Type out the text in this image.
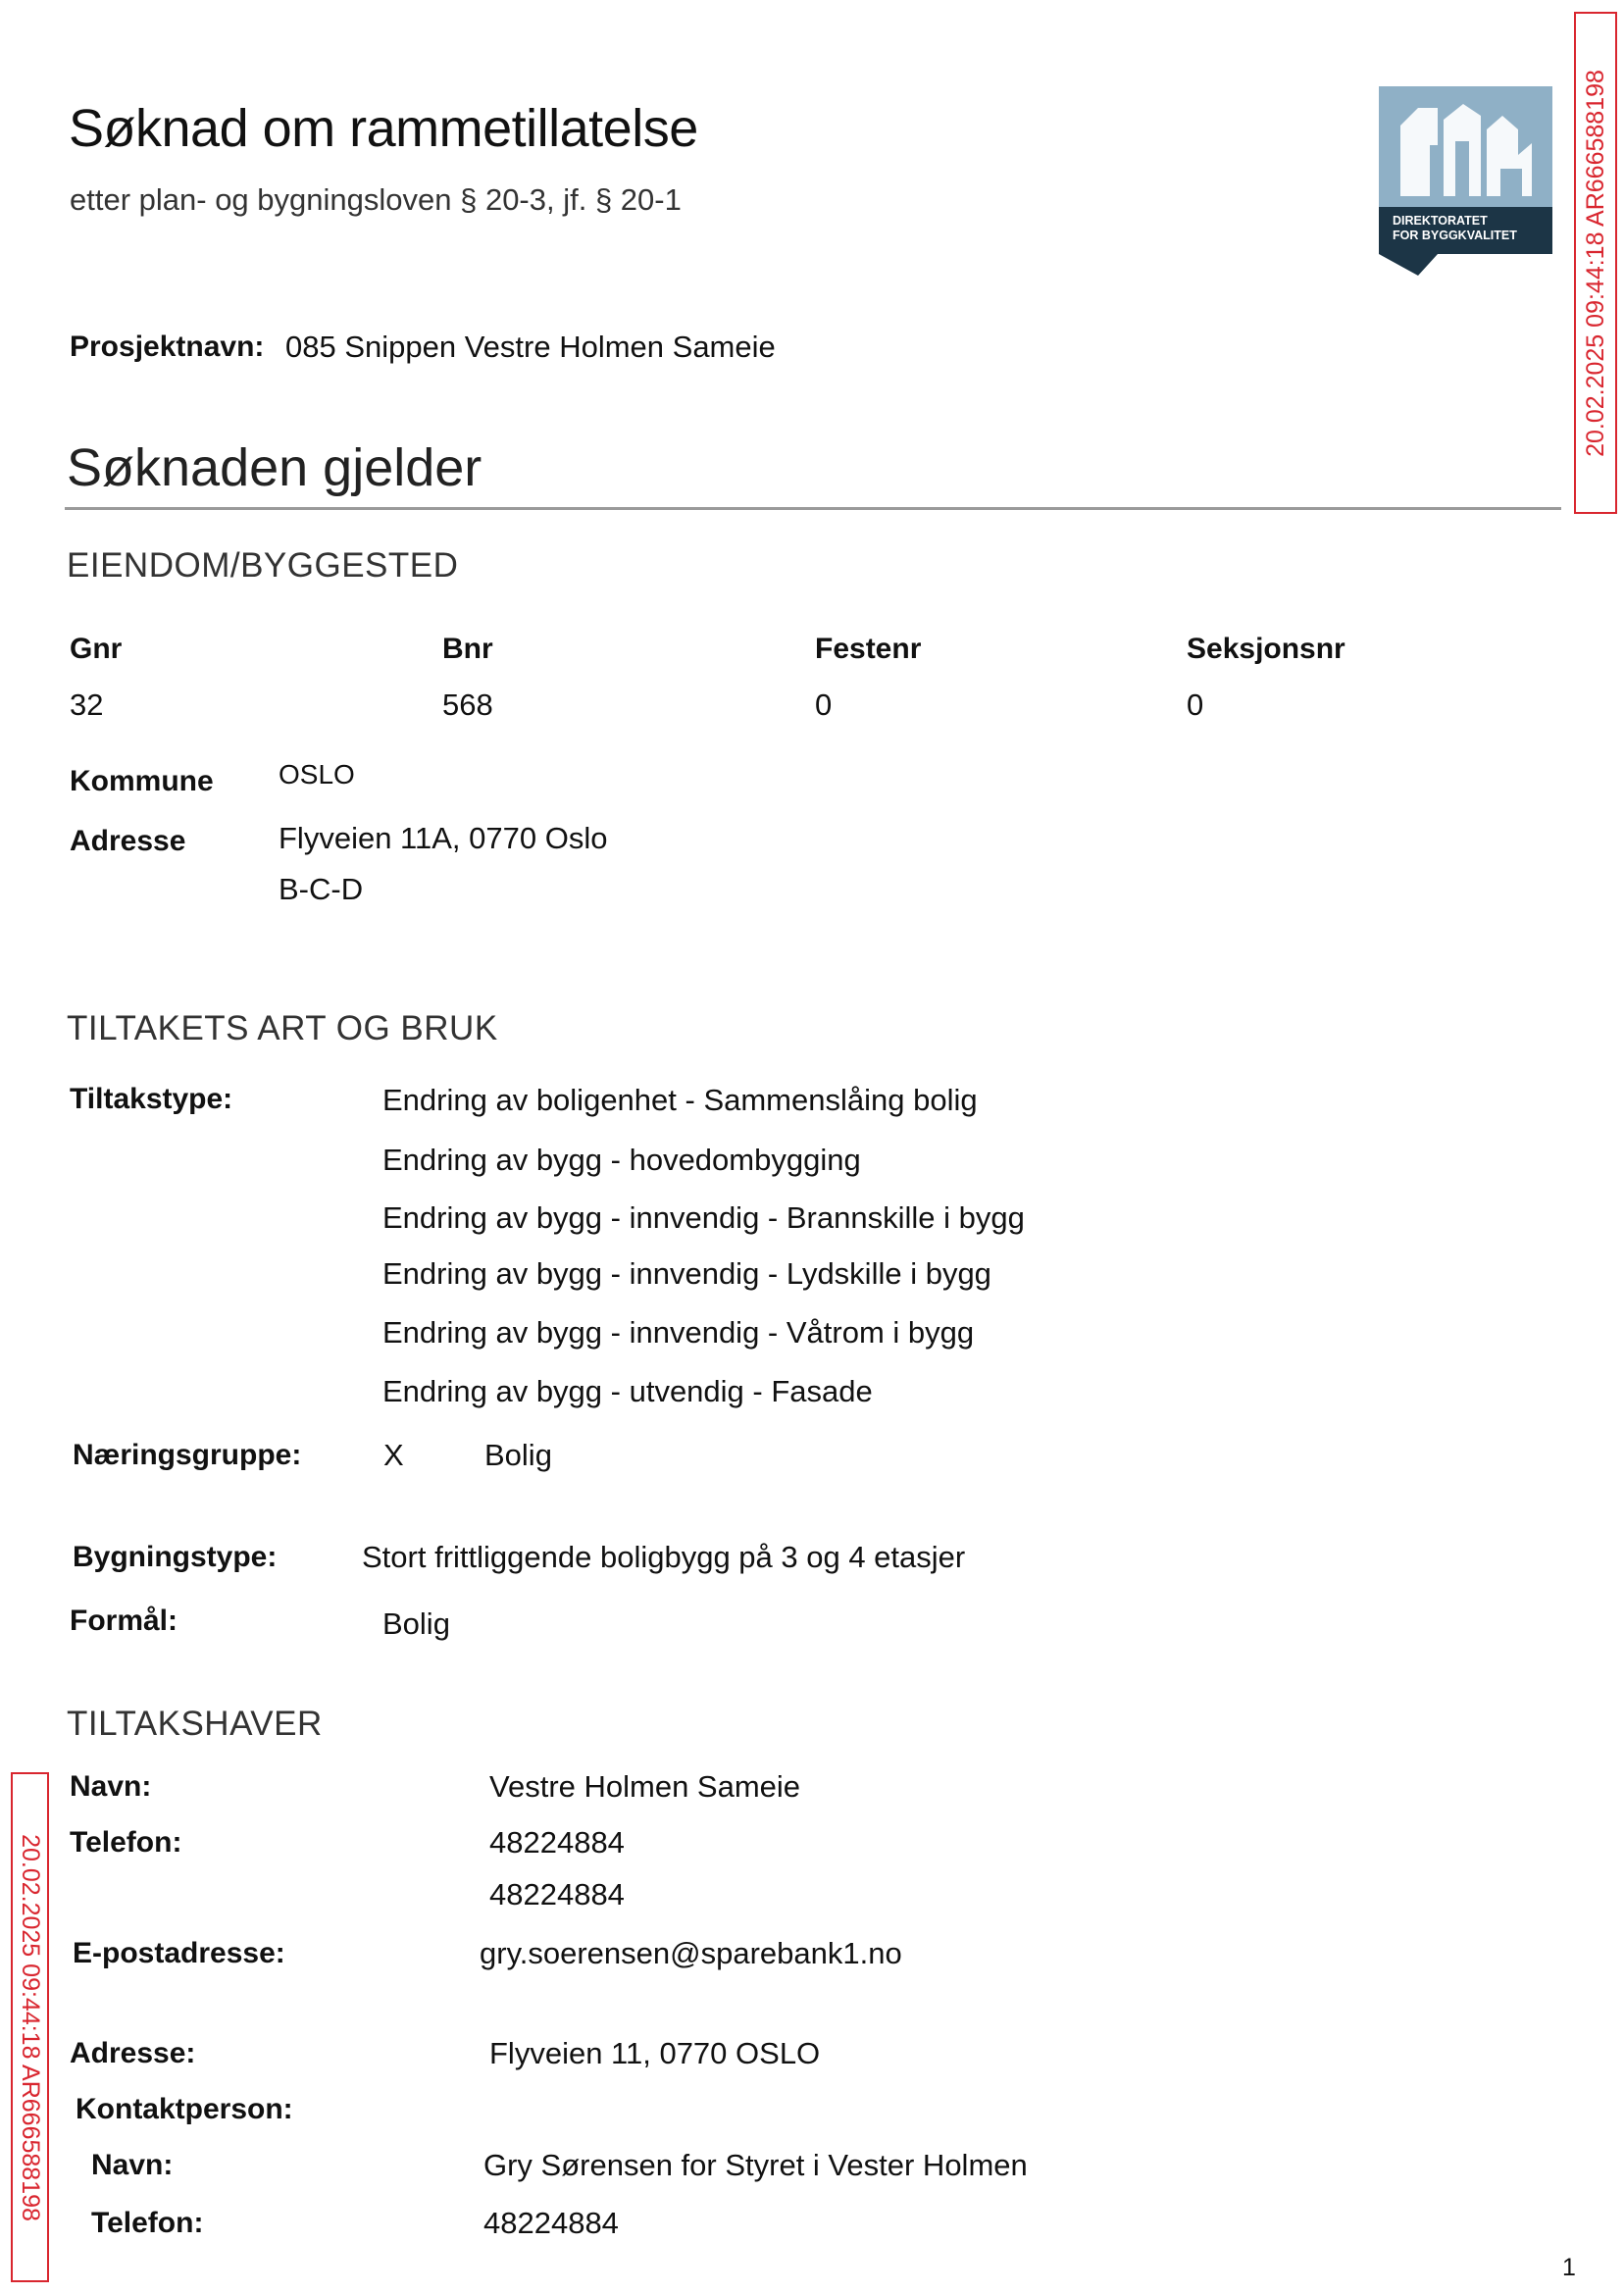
Søknad om rammetillatelse
etter plan- og bygningsloven § 20-3, jf. § 20-1
DIREKTORATET
FOR BYGGKVALITET	20.02.2025 09:44:18 AR666588198
20.02.2025 09:44:18 AR666588198
Prosjektnavn: 085 Snippen Vestre Holmen Sameie
Søknaden gjelder
EIENDOM/BYGGESTED
Gnr	Bnr	Festenr	Seksjonsnr
32	568	0	0
Kommune OSLO
Adresse	Flyveien 11A, 0770 Oslo
B-C-D
TILTAKETS ART OG BRUK
Tiltakstype:	Endring av boligenhet - Sammenslåing bolig
Endring av bygg - hovedombygging
Endring av bygg - innvendig - Brannskille i bygg
Endring av bygg - innvendig - Lydskille i bygg
Endring av bygg - innvendig - Våtrom i bygg
Endring av bygg - utvendig - Fasade
Næringsgruppe:	X	Bolig
Bygningstype:	Stort frittliggende boligbygg på 3 og 4 etasjer
Formål:	Bolig
TILTAKSHAVER
Navn:	Vestre Holmen Sameie
Telefon:	48224884
48224884
E-postadresse:	gry.soerensen@sparebank1.no
Adresse:	Flyveien 11, 0770 OSLO
Kontaktperson:
Navn:	Gry Sørensen for Styret i Vester Holmen
Telefon:	48224884
1
